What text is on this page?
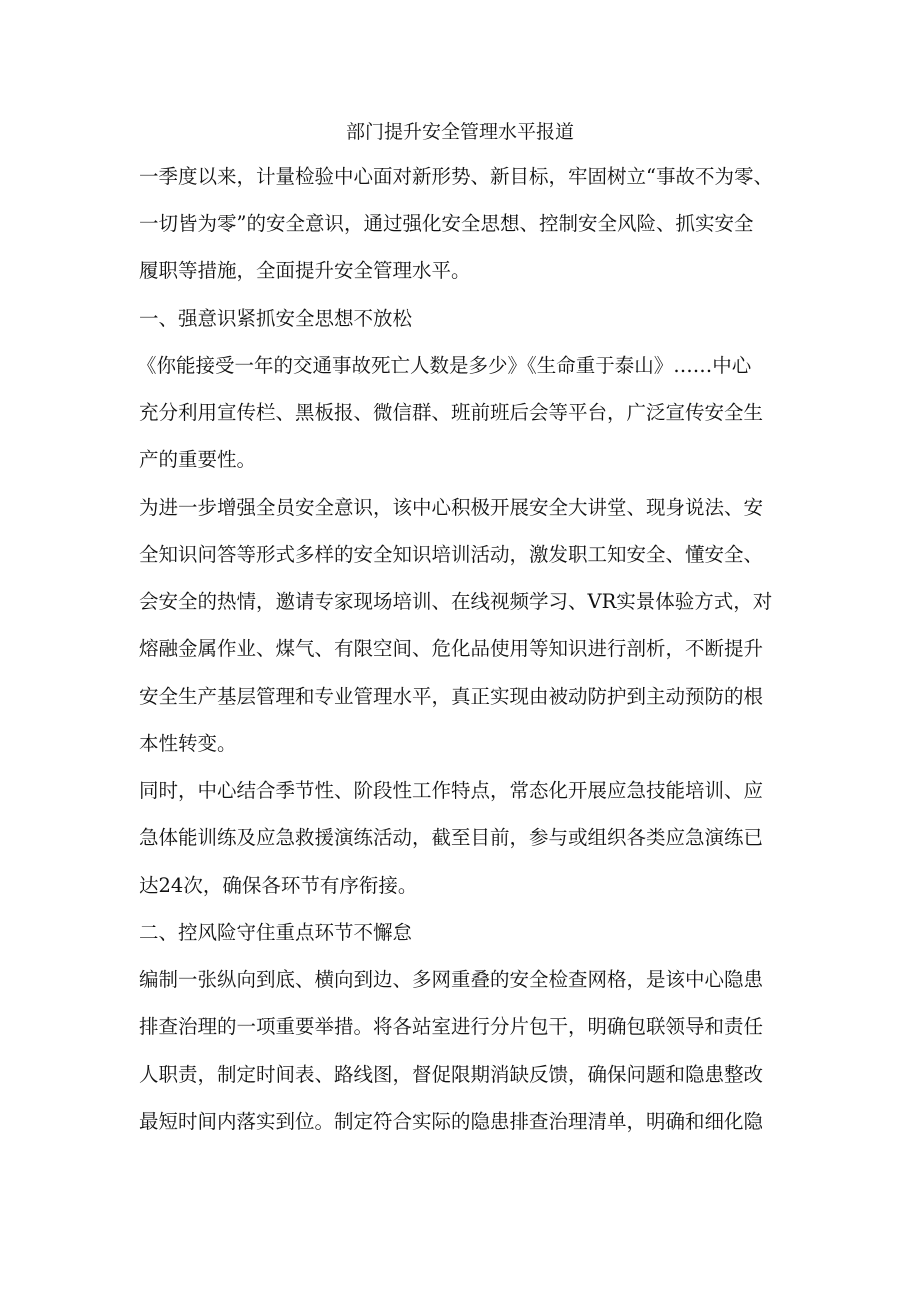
部门提升安全管理水平报道
一季度以来，计量检验中心面对新形势、新目标，牢固树立“事故不为零、
一切皆为零”的安全意识，通过强化安全思想、控制安全风险、抓实安全
履职等措施，全面提升安全管理水平。
一、强意识紧抓安全思想不放松
《你能接受一年的交通事故死亡人数是多少》《生命重于泰山》……中心
充分利用宣传栏、黑板报、微信群、班前班后会等平台，广泛宣传安全生
产的重要性。
为进一步增强全员安全意识，该中心积极开展安全大讲堂、现身说法、安
全知识问答等形式多样的安全知识培训活动，激发职工知安全、懂安全、
会安全的热情，邀请专家现场培训、在线视频学习、VR实景体验方式，对
熔融金属作业、煤气、有限空间、危化品使用等知识进行剖析，不断提升
安全生产基层管理和专业管理水平，真正实现由被动防护到主动预防的根
本性转变。
同时，中心结合季节性、阶段性工作特点，常态化开展应急技能培训、应
急体能训练及应急救援演练活动，截至目前，参与或组织各类应急演练已
达24次，确保各环节有序衔接。
二、控风险守住重点环节不懈怠
编制一张纵向到底、横向到边、多网重叠的安全检查网格，是该中心隐患
排查治理的一项重要举措。将各站室进行分片包干，明确包联领导和责任
人职责，制定时间表、路线图，督促限期消缺反馈，确保问题和隐患整改
最短时间内落实到位。制定符合实际的隐患排查治理清单，明确和细化隐
